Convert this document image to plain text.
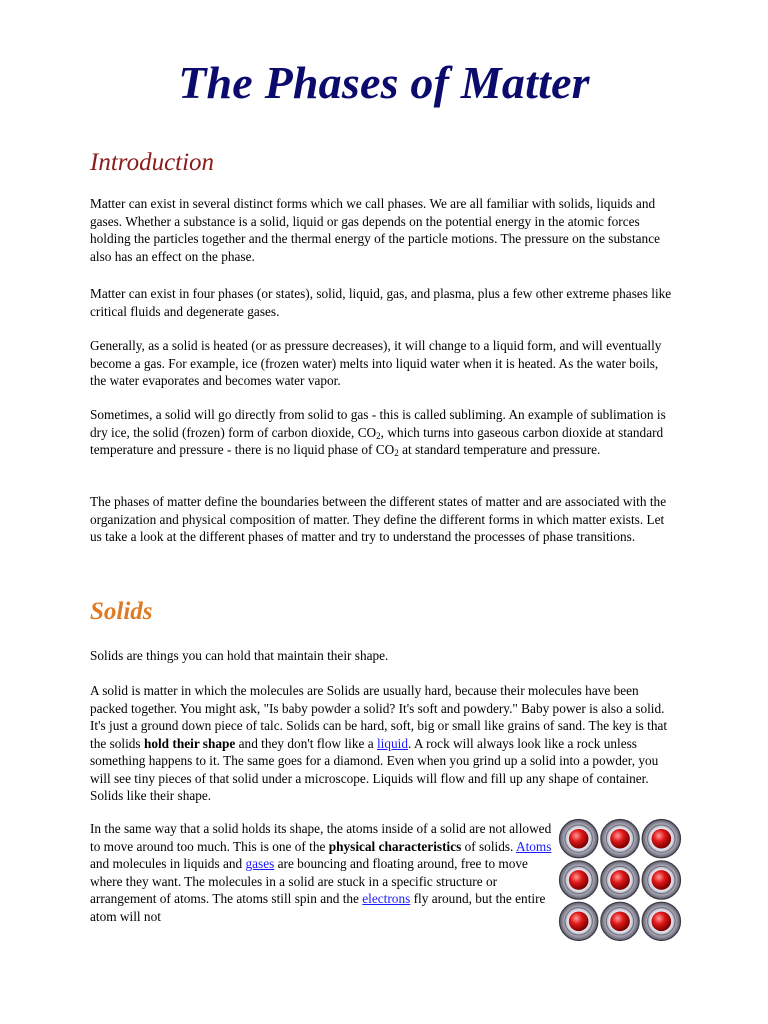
The Phases of Matter
Introduction

Matter can exist in several distinct forms which we call phases. We are all familiar with solids, liquids and gases. Whether a substance is a solid, liquid or gas depends on the potential energy in the atomic forces holding the particles together and the thermal energy of the particle motions. The pressure on the substance also has an effect on the phase.

Matter can exist in four phases (or states), solid, liquid, gas, and plasma, plus a few other extreme phases like critical fluids and degenerate gases.

Generally, as a solid is heated (or as pressure decreases), it will change to a liquid form, and will eventually become a gas. For example, ice (frozen water) melts into liquid water when it is heated. As the water boils, the water evaporates and becomes water vapor.

Sometimes, a solid will go directly from solid to gas - this is called subliming. An example of sublimation is dry ice, the solid (frozen) form of carbon dioxide, $CO_2$, which turns into gaseous carbon dioxide at standard temperature and pressure - there is no liquid phase of $CO_2$ at standard temperature and pressure.

The phases of matter define the boundaries between the different states of matter and are associated with the organization and physical composition of matter. They define the different forms in which matter exists. Let us take a look at the different phases of matter and try to understand the processes of phase transitions.

Solids

Solids are things you can hold that maintain their shape.

A solid is matter in which the molecules are Solids are usually hard, because their molecules have been packed together. You might ask, "Is baby powder a solid? It's soft and powdery." Baby power is also a solid. It's just a ground down piece of talc. Solids can be hard, soft, big or small like grains of sand. The key is that the solids hold their shape and they don't flow like a liquid. A rock will always look like a rock unless something happens to it. The same goes for a diamond. Even when you grind up a solid into a powder, you will see tiny pieces of that solid under a microscope. Liquids will flow and fill up any shape of container. Solids like their shape.

In the same way that a solid holds its shape, the atoms inside of a solid are not allowed to move around too much. This is one of the physical characteristics of solids. Atoms and molecules in liquids and gases are bouncing and floating around, free to move where they want. The molecules in a solid are stuck in a specific structure or arrangement of atoms. The atoms still spin and the electrons fly around, but the entire atom will not
